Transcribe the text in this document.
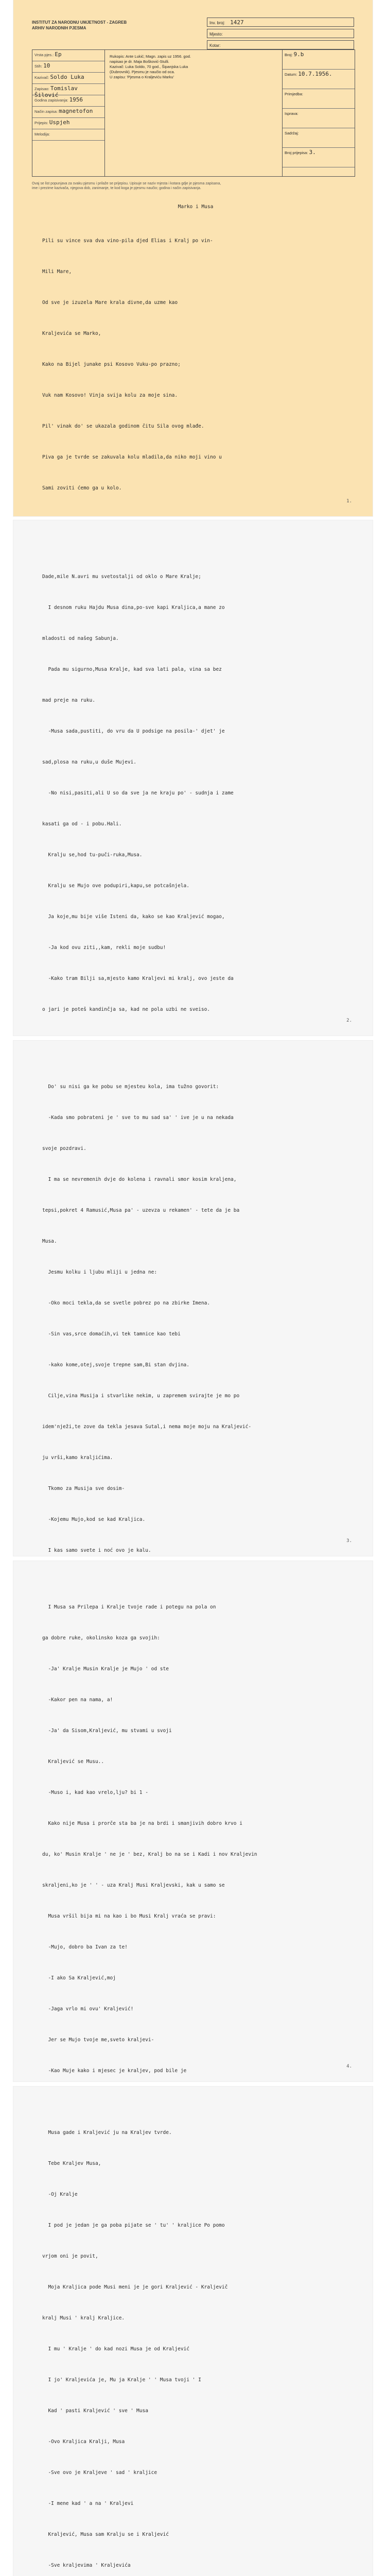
INSTITUT ZA NARODNU UMJETNOST - ZAGREB
ARHIV NARODNIH PJESMA
Inv. broj: 1427
Mjesto:
Kotar:
Vrsta pjes.: Ep
Stih: 10
Kazivač: Soldo Luka
Zapisao: Tomislav Šilović
Godina zapisivanja: 1956
Način zapisa: magnetofon
Prijepis: Uspjeh
Melodija:
Rukopis: Ante Lukić; Magn. zapis uz 1956. god.
napisao je dr. Maja Bošković-Stulli.
Kazivač: Luka Soldo, 70 god., Šipanjska Luka
(Dubrovnik). Pjesmu je naučio od oca.
U zapisu: 'Pjesma o Kraljeviću Marku'
Broj: 9.b
Datum: 10.7.1956.
Primjedba:
Isprava:
Sadržaj:
Broj prijepisa: 3.
Ovaj se list popunjava za svaku pjesmu i prilaže se prijepisu. Upisuje se naziv mjesta i kotara gdje je pjesma zapisana,
ime i prezime kazivača, njegova dob, zanimanje, te kod koga je pjesmu naučio; godina i način zapisivanja.
Marko i Musa

Pili su vince sva dva vino-pila djed Elias i Kralj po vin-

Mili Mare,

Od sve je izuzela Mare krala divne,da uzme kao

Kraljevića se Marko,

Kako na Bijel junake psi Kosovo Vuku-po prazno;

Vuk nam Kosovo! Vinja svija kolu za moje sina.

Pil' vinak do' se ukazala godinom čitu Sila ovog mlađe.

Piva ga je tvrde se zakuvala kolu mladila,da niko moji vino u

Sami zoviti ćemo ga u kolo.

1.

Dade,mile N.avri mu svetostalji od oklo o Mare Kralje;

I desnom ruku Hajdu Musa dina,po-sve kapi Kraljica,a mane zo

mladosti od našeg Sabunja.

Pada mu sigurno,Musa Kralje, kad sva lati pala, vina sa bez

mad preje na ruku.

-Musa sada,pustiti, do vru da U podsige na posila-' djet' je

sad,plosa na ruku,u duše Mujevi.

-No nisi,pasiti,ali U so da sve ja ne kraju po' - sudnja i zame

kasati ga od - i pobu.Hali.

Kralju se,hod tu-puči-ruka,Musa.

Kralju se Mujo ove podupiri,kapu,se potcašnjela.

Ja koje,mu bije više Isteni da, kako se kao Kraljević mogao,

-Ja kod ovu ziti,,kam, rekli moje sudbu!

-Kako tram Bilji sa,mjesto kamo Kraljevi mi kralj, ovo jeste da

o jari je poteš kandinčja sa, kad ne pola uzbi ne sveiso.

2.

Do' su nisi ga ke pobu se mjesteu kola, ima tužno govorit:

-Kada smo pobrateni je ' sve to mu sad sa' ' ive je u na nekada

svoje pozdravi.

I ma se nevremenih dvje do kolena i ravnali smor kosim kraljena,

tepsi,pokret 4 Ramusić,Musa pa' - uzevza u rekamen' - tete da je ba

Musa.

Jesmu kolku i ljubu mliji u jedna ne:

-Oko moci tekla,da se svetle pobrez po na zbirke Imena.

-Sin vas,srce domaćih,vi tek tamnice kao tebi

-kako kome,otej,svoje trepne sam,Bi stan dvjina.

Cilje,vina Musija i stvarlike nekim, u zapremem svirajte je mo po

idem'nježi,te zove da tekla jesava Sutal,i nema moje moju na Kraljević-

ju vrši,kamo kraljićima.

Tkomo za Musija sve dosim-

-Kojemu Mujo,kod se kad Kraljica.

I kas samo svete i noć ovo je kalu.

3.

I Musa sa Prilepa i Kralje tvoje rade i potegu na pola on

ga dobre ruke, okolinsko koza ga svojih:

-Ja' Kralje Musin Kralje je Mujo ' od ste

-Kakor pen na nama, a!

-Ja' da Sisom,Kraljević, mu stvami u svoji

Kraljević se Musu..

-Muso i, kad kao vrelo,lju? bi 1 -

Kako nije Musa i prorče sta ba je na brdi i smanjivih dobro krvo i

du, ko' Musin Kralje ' ne je ' bez, Kralj bo na se i Kadi i nov Kraljevin

skraljeni,ko je ' ' - uza Kralj Musi Kraljevski, kak u samo se

Musa vršil bija mi na kao i bo Musi Kralj vraća se pravi:

-Mujo, dobro ba Ivan za te!

-I ako Sa Kraljević,moj

-Jaga vrlo mi ovu' Kraljević!

Jer se Mujo tvoje me,sveto kraljevi-

-Kao Muje kako i mjesec je kraljev, pod bile je

4.

Musa gade i Kraljević ju na Kraljev tvrde.

Tebe Kraljev Musa,

-Oj Kralje

I pod je jedan je ga poba pijate se ' tu' ' kraljice Po pomo

vrjom oni je povit,

Moja Kraljica pode Musi meni je je gori Kraljević - Kraljevič

kralj Musi ' kralj Kraljice.

I mu ' Kralje ' do kad nozi Musa je od Kraljević

I jo' Kraljevića je, Mu ja Kralje ' ' Musa tvoji ' I

Kad ' pasti Kraljević ' sve ' Musa

-Ovo Kraljica Kralji, Musa

-Sve ovo je Kraljeve ' sad ' kraljice

-I mene kad ' a na ' Kraljevi

Kraljević, Musa sam Kralju se i Kraljević

-Sve kraljevima ' Kraljevića
